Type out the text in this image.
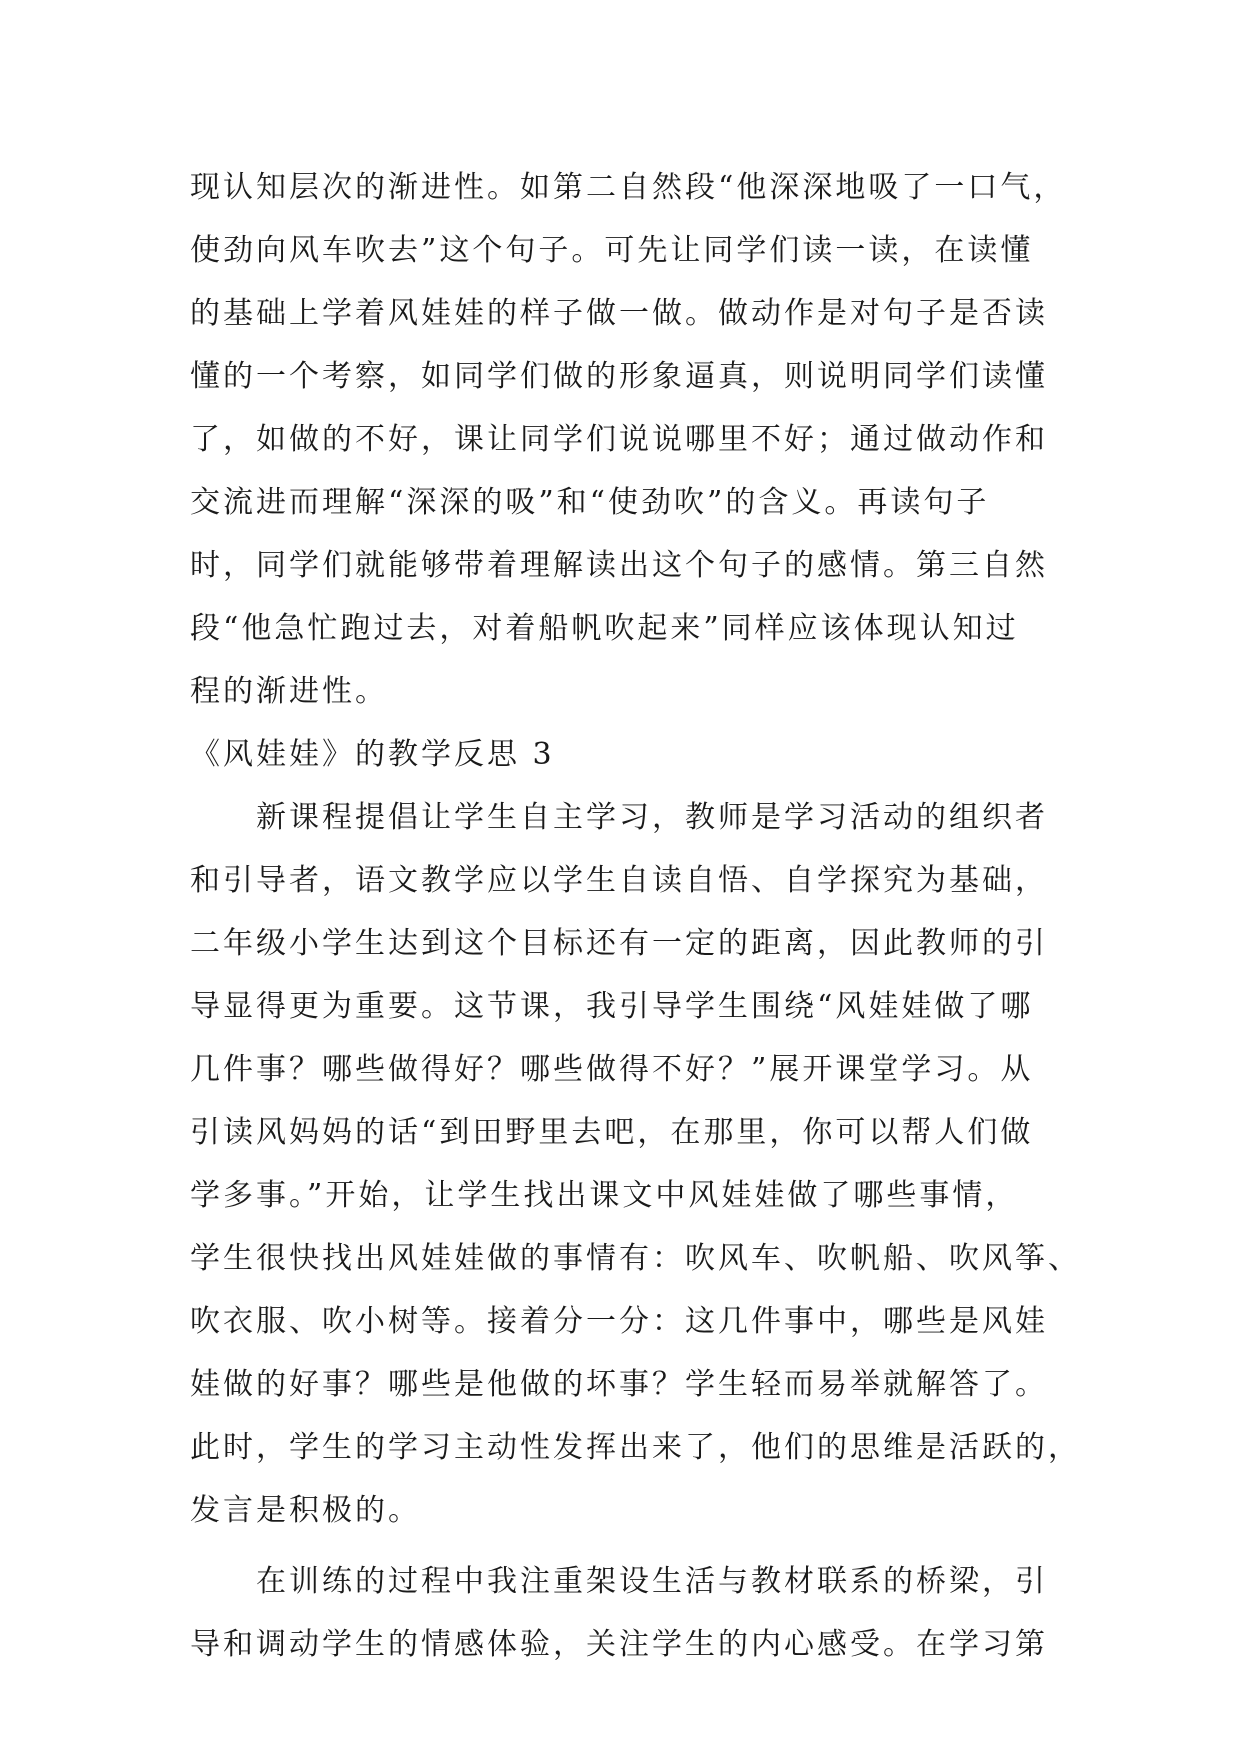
现认知层次的渐进性。如第二自然段“他深深地吸了一口气，
使劲向风车吹去”这个句子。可先让同学们读一读，在读懂
的基础上学着风娃娃的样子做一做。做动作是对句子是否读
懂的一个考察，如同学们做的形象逼真，则说明同学们读懂
了，如做的不好，课让同学们说说哪里不好；通过做动作和
交流进而理解“深深的吸”和“使劲吹”的含义。再读句子
时，同学们就能够带着理解读出这个句子的感情。第三自然
段“他急忙跑过去，对着船帆吹起来”同样应该体现认知过
程的渐进性。
《风娃娃》的教学反思 3
新课程提倡让学生自主学习，教师是学习活动的组织者
和引导者，语文教学应以学生自读自悟、自学探究为基础，
二年级小学生达到这个目标还有一定的距离，因此教师的引
导显得更为重要。这节课，我引导学生围绕“风娃娃做了哪
几件事？哪些做得好？哪些做得不好？”展开课堂学习。从
引读风妈妈的话“到田野里去吧，在那里，你可以帮人们做
学多事。”开始，让学生找出课文中风娃娃做了哪些事情，
学生很快找出风娃娃做的事情有：吹风车、吹帆船、吹风筝、
吹衣服、吹小树等。接着分一分：这几件事中，哪些是风娃
娃做的好事？哪些是他做的坏事？学生轻而易举就解答了。
此时，学生的学习主动性发挥出来了，他们的思维是活跃的，
发言是积极的。
在训练的过程中我注重架设生活与教材联系的桥梁，引
导和调动学生的情感体验，关注学生的内心感受。在学习第
